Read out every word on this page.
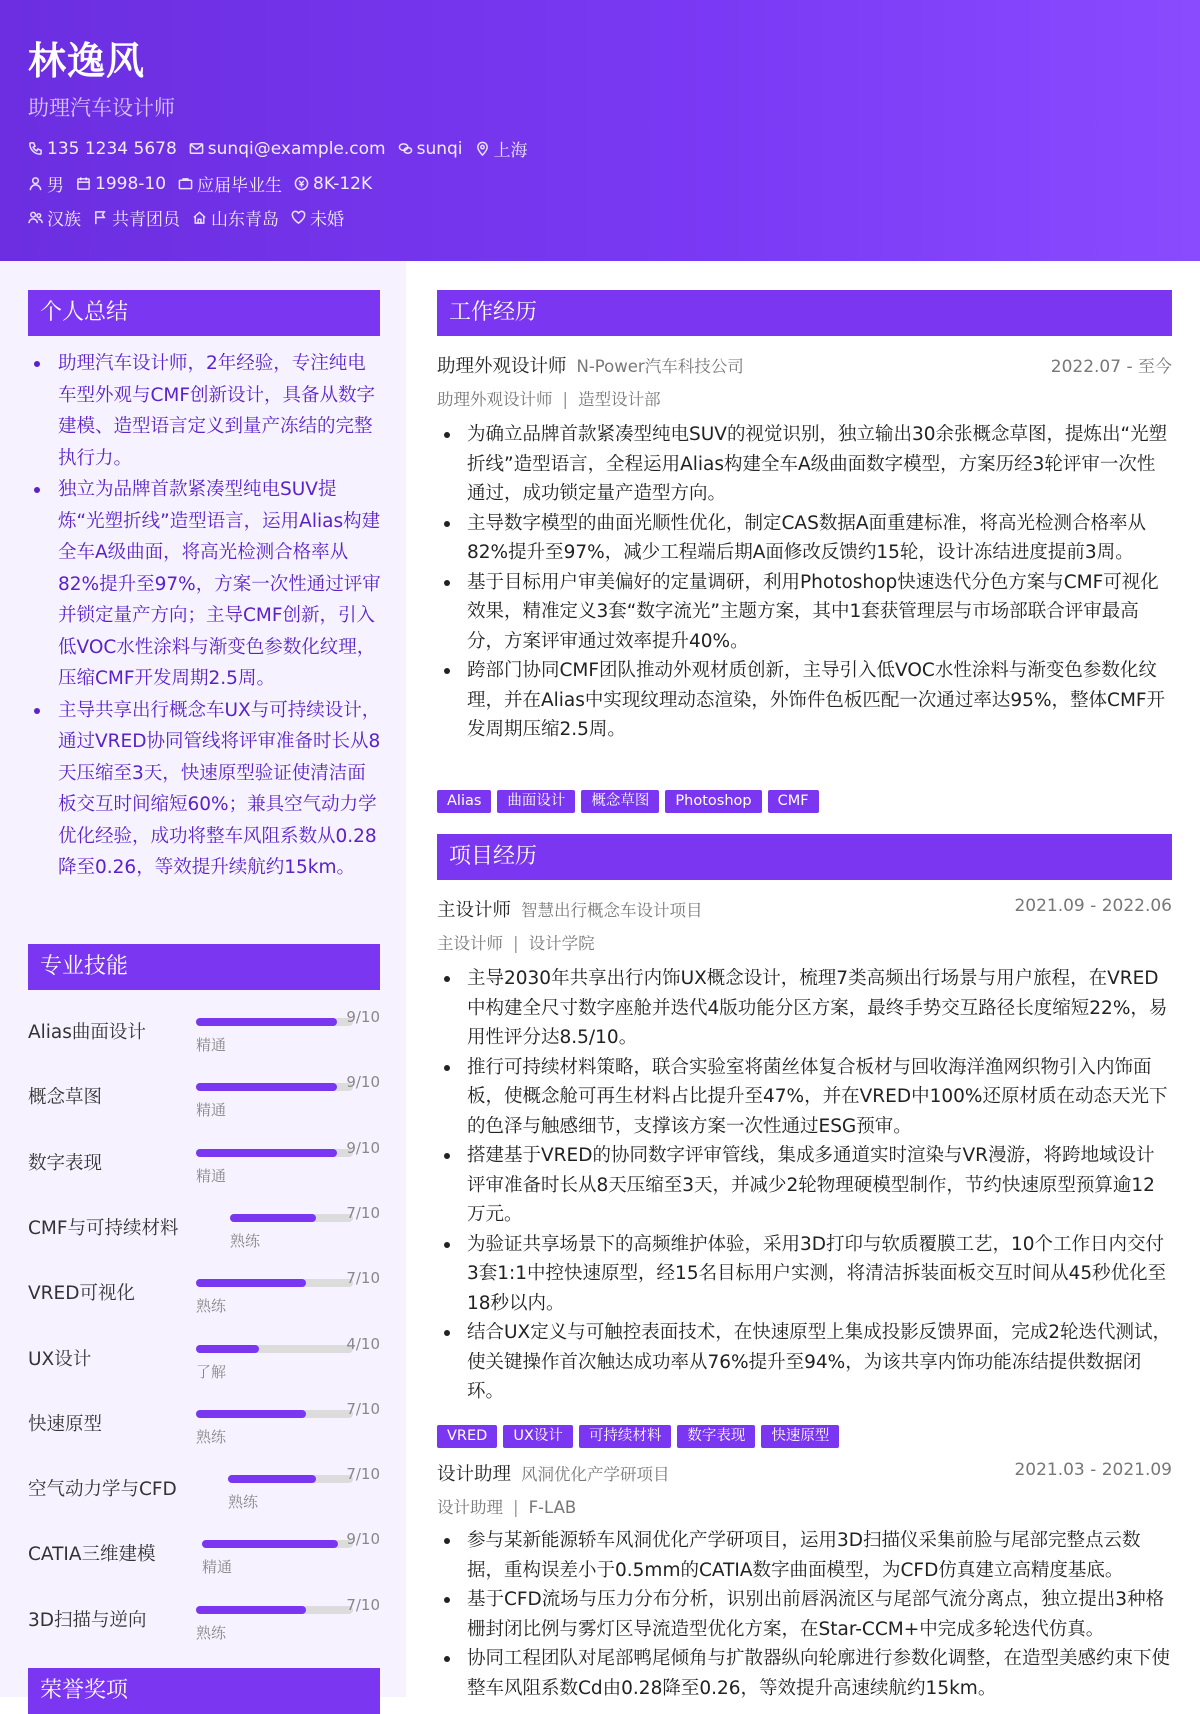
林逸风
助理汽车设计师
135 1234 5678 sunqi@example.com sunqi 上海
男 1998-10 应届毕业生 8K-12K
汉族 共青团员 山东青岛 未婚
个人总结
助理汽车设计师，2年经验，专注纯电车型外观与CMF创新设计，具备从数字建模、造型语言定义到量产冻结的完整执行力。
独立为品牌首款紧凑型纯电SUV提炼“光塑折线”造型语言，运用Alias构建全车A级曲面，将高光检测合格率从82%提升至97%，方案一次性通过评审并锁定量产方向；主导CMF创新，引入低VOC水性涂料与渐变色参数化纹理，压缩CMF开发周期2.5周。
主导共享出行概念车UX与可持续设计，通过VRED协同管线将评审准备时长从8天压缩至3天，快速原型验证使清洁面板交互时间缩短60%；兼具空气动力学优化经验，成功将整车风阻系数从0.28降至0.26，等效提升续航约15km。
专业技能
Alias曲面设计
9/10
精通
概念草图
9/10
精通
数字表现
9/10
精通
CMF与可持续材料
7/10
熟练
VRED可视化
7/10
熟练
UX设计
4/10
了解
快速原型
7/10
熟练
空气动力学与CFD
7/10
熟练
CATIA三维建模
9/10
精通
3D扫描与逆向
7/10
熟练
荣誉奖项
工作经历
助理外观设计师 N-Power汽车科技公司	2022.07 - 至今
助理外观设计师 | 造型设计部
为确立品牌首款紧凑型纯电SUV的视觉识别，独立输出30余张概念草图，提炼出“光塑折线”造型语言，全程运用Alias构建全车A级曲面数字模型，方案历经3轮评审一次性通过，成功锁定量产造型方向。
主导数字模型的曲面光顺性优化，制定CAS数据A面重建标准，将高光检测合格率从82%提升至97%，减少工程端后期A面修改反馈约15轮，设计冻结进度提前3周。
基于目标用户审美偏好的定量调研，利用Photoshop快速迭代分色方案与CMF可视化效果，精准定义3套“数字流光”主题方案，其中1套获管理层与市场部联合评审最高分，方案评审通过效率提升40%。
跨部门协同CMF团队推动外观材质创新，主导引入低VOC水性涂料与渐变色参数化纹理，并在Alias中实现纹理动态渲染，外饰件色板匹配一次通过率达95%，整体CMF开发周期压缩2.5周。
Alias	曲面设计	概念草图	Photoshop	CMF
项目经历
主设计师 智慧出行概念车设计项目	2021.09 - 2022.06
主设计师 | 设计学院
主导2030年共享出行内饰UX概念设计，梳理7类高频出行场景与用户旅程，在VRED中构建全尺寸数字座舱并迭代4版功能分区方案，最终手势交互路径长度缩短22%，易用性评分达8.5/10。
推行可持续材料策略，联合实验室将菌丝体复合板材与回收海洋渔网织物引入内饰面板，使概念舱可再生材料占比提升至47%，并在VRED中100%还原材质在动态天光下的色泽与触感细节，支撑该方案一次性通过ESG预审。
搭建基于VRED的协同数字评审管线，集成多通道实时渲染与VR漫游，将跨地域设计评审准备时长从8天压缩至3天，并减少2轮物理硬模型制作，节约快速原型预算逾12万元。
为验证共享场景下的高频维护体验，采用3D打印与软质覆膜工艺，10个工作日内交付3套1:1中控快速原型，经15名目标用户实测，将清洁拆装面板交互时间从45秒优化至18秒以内。
结合UX定义与可触控表面技术，在快速原型上集成投影反馈界面，完成2轮迭代测试，使关键操作首次触达成功率从76%提升至94%，为该共享内饰功能冻结提供数据闭环。
VRED	UX设计	可持续材料	数字表现	快速原型
设计助理 风洞优化产学研项目	2021.03 - 2021.09
设计助理 | F-LAB
参与某新能源轿车风洞优化产学研项目，运用3D扫描仪采集前脸与尾部完整点云数据，重构误差小于0.5mm的CATIA数字曲面模型，为CFD仿真建立高精度基底。
基于CFD流场与压力分布分析，识别出前唇涡流区与尾部气流分离点，独立提出3种格栅封闭比例与雾灯区导流造型优化方案，在Star-CCM+中完成多轮迭代仿真。
协同工程团队对尾部鸭尾倾角与扩散器纵向轮廓进行参数化调整，在造型美感约束下使整车风阻系数Cd由0.28降至0.26，等效提升高速续航约15km。
